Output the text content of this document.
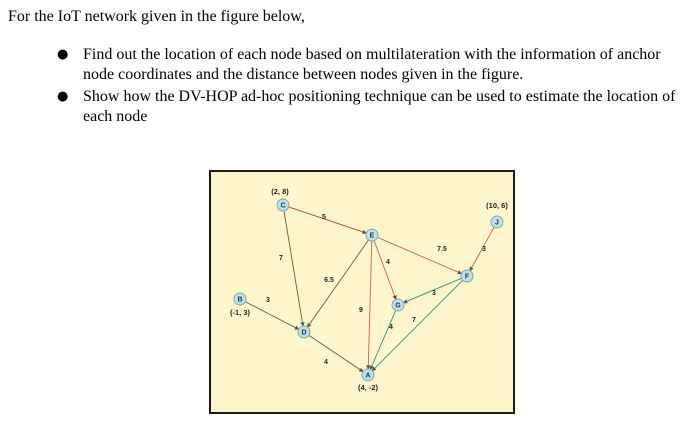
For the IoT network given in the figure below,
● Find out the location of each node based on multilateration with the information of anchor node coordinates and the distance between nodes given in the figure.
● Show how the DV-HOP ad-hoc positioning technique can be used to estimate the location of each node
C
J
E
F
G
B
D
A
5
7
6.5
9
4
7.5	3
3
7
4
3
4
(2, 8)
(10, 6)
(-1, 3)
(4, -2)
